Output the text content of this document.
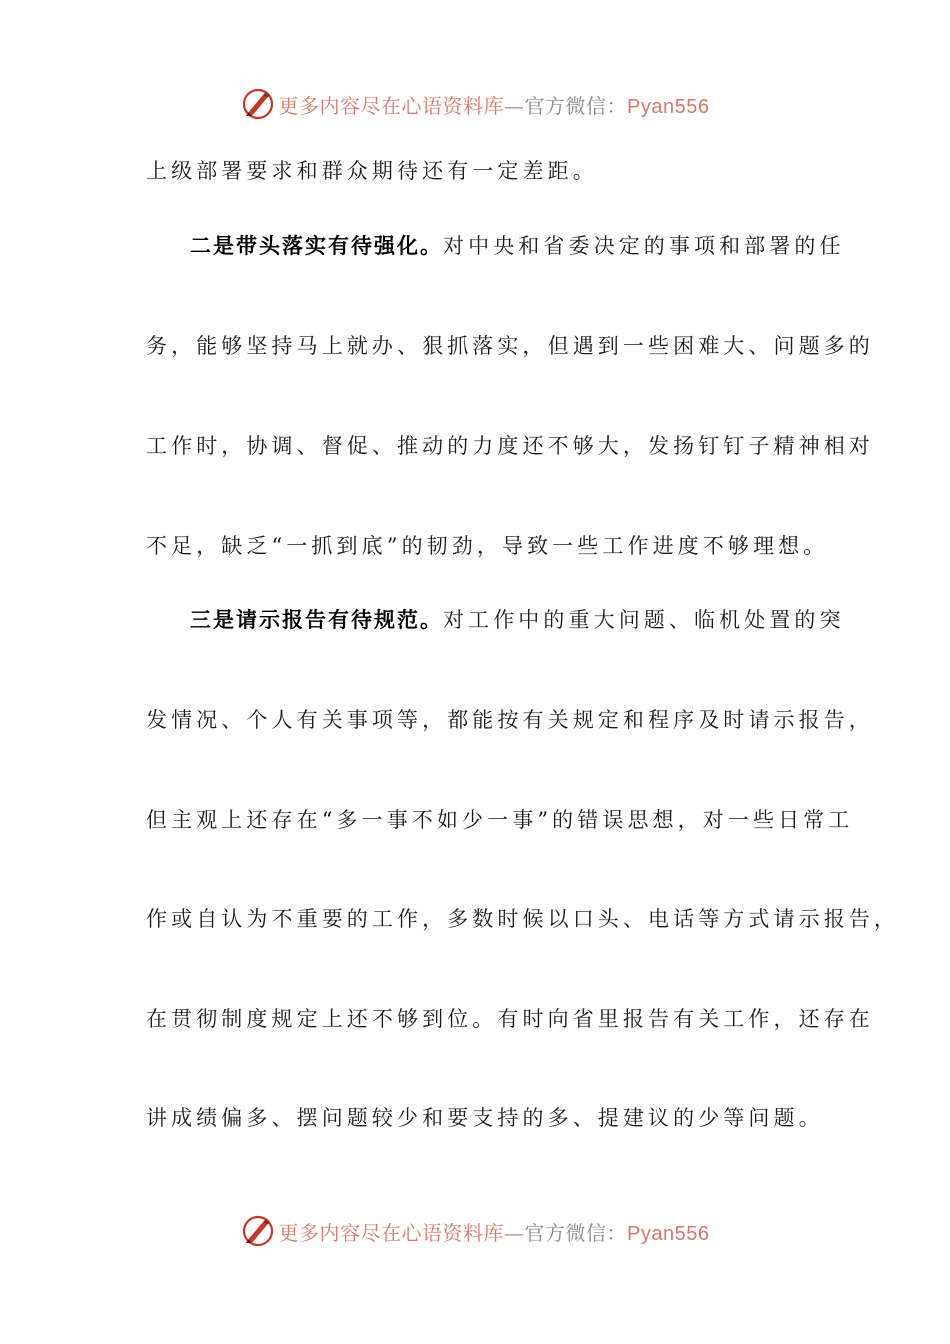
更多内容尽在心语资料库—官方微信：Pyan556
上级部署要求和群众期待还有一定差距。
二是带头落实有待强化。对中央和省委决定的事项和部署的任
务，能够坚持马上就办、狠抓落实，但遇到一些困难大、问题多的
工作时，协调、督促、推动的力度还不够大，发扬钉钉子精神相对
不足，缺乏“一抓到底”的韧劲，导致一些工作进度不够理想。
三是请示报告有待规范。对工作中的重大问题、临机处置的突
发情况、个人有关事项等，都能按有关规定和程序及时请示报告，
但主观上还存在“多一事不如少一事”的错误思想，对一些日常工
作或自认为不重要的工作，多数时候以口头、电话等方式请示报告，
在贯彻制度规定上还不够到位。有时向省里报告有关工作，还存在
讲成绩偏多、摆问题较少和要支持的多、提建议的少等问题。
更多内容尽在心语资料库—官方微信：Pyan556
